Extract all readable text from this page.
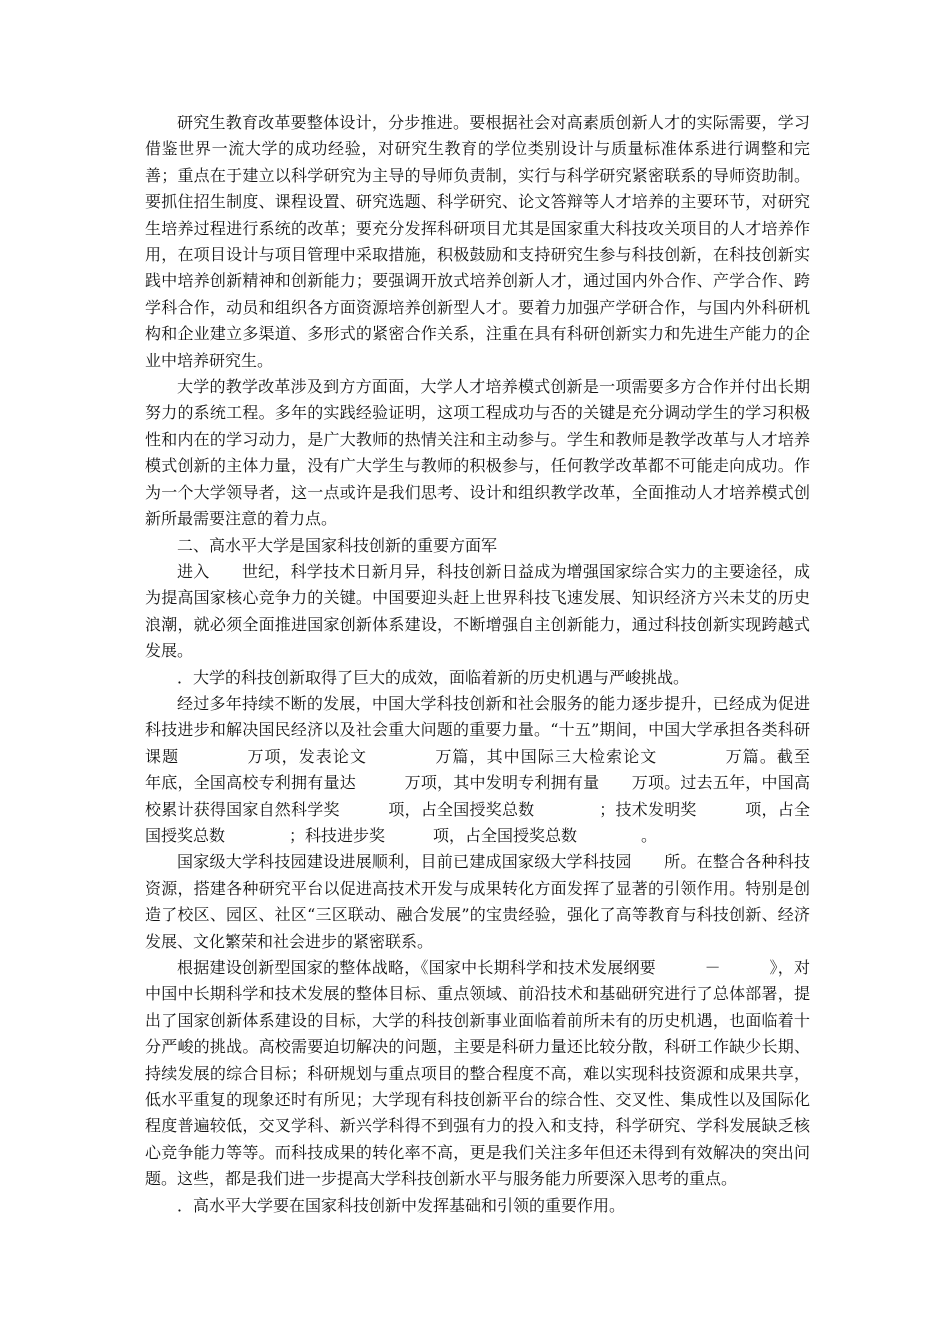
研究生教育改革要整体设计，分步推进。要根据社会对高素质创新人才的实际需要，学习借鉴世界一流大学的成功经验，对研究生教育的学位类别设计与质量标准体系进行调整和完善；重点在于建立以科学研究为主导的导师负责制，实行与科学研究紧密联系的导师资助制。要抓住招生制度、课程设置、研究选题、科学研究、论文答辩等人才培养的主要环节，对研究生培养过程进行系统的改革；要充分发挥科研项目尤其是国家重大科技攻关项目的人才培养作用，在项目设计与项目管理中采取措施，积极鼓励和支持研究生参与科技创新，在科技创新实践中培养创新精神和创新能力；要强调开放式培养创新人才，通过国内外合作、产学合作、跨学科合作，动员和组织各方面资源培养创新型人才。要着力加强产学研合作，与国内外科研机构和企业建立多渠道、多形式的紧密合作关系，注重在具有科研创新实力和先进生产能力的企业中培养研究生。

大学的教学改革涉及到方方面面，大学人才培养模式创新是一项需要多方合作并付出长期努力的系统工程。多年的实践经验证明，这项工程成功与否的关键是充分调动学生的学习积极性和内在的学习动力，是广大教师的热情关注和主动参与。学生和教师是教学改革与人才培养模式创新的主体力量，没有广大学生与教师的积极参与，任何教学改革都不可能走向成功。作为一个大学领导者，这一点或许是我们思考、设计和组织教学改革，全面推动人才培养模式创新所最需要注意的着力点。

二、高水平大学是国家科技创新的重要方面军

进入　　世纪，科学技术日新月异，科技创新日益成为增强国家综合实力的主要途径，成为提高国家核心竞争力的关键。中国要迎头赶上世界科技飞速发展、知识经济方兴未艾的历史浪潮，就必须全面推进国家创新体系建设，不断增强自主创新能力，通过科技创新实现跨越式发展。

．大学的科技创新取得了巨大的成效，面临着新的历史机遇与严峻挑战。

经过多年持续不断的发展，中国大学科技创新和社会服务的能力逐步提升，已经成为促进科技进步和解决国民经济以及社会重大问题的重要力量。“十五”期间，中国大学承担各类科研课题　　　　万项，发表论文　　　　万篇，其中国际三大检索论文　　　　万篇。截至　　　　年底，全国高校专利拥有量达　　　万项，其中发明专利拥有量　　万项。过去五年，中国高校累计获得国家自然科学奖　　　项，占全国授奖总数　　　　；技术发明奖　　　项，占全国授奖总数　　　　；科技进步奖　　　项，占全国授奖总数　　　　。

国家级大学科技园建设进展顺利，目前已建成国家级大学科技园　　所。在整合各种科技资源，搭建各种研究平台以促进高技术开发与成果转化方面发挥了显著的引领作用。特别是创造了校区、园区、社区“三区联动、融合发展”的宝贵经验，强化了高等教育与科技创新、经济发展、文化繁荣和社会进步的紧密联系。

根据建设创新型国家的整体战略，《国家中长期科学和技术发展纲要　　　－　　　》，对中国中长期科学和技术发展的整体目标、重点领域、前沿技术和基础研究进行了总体部署，提出了国家创新体系建设的目标，大学的科技创新事业面临着前所未有的历史机遇，也面临着十分严峻的挑战。高校需要迫切解决的问题，主要是科研力量还比较分散，科研工作缺少长期、持续发展的综合目标；科研规划与重点项目的整合程度不高，难以实现科技资源和成果共享，低水平重复的现象还时有所见；大学现有科技创新平台的综合性、交叉性、集成性以及国际化程度普遍较低，交叉学科、新兴学科得不到强有力的投入和支持，科学研究、学科发展缺乏核心竞争能力等等。而科技成果的转化率不高，更是我们关注多年但还未得到有效解决的突出问题。这些，都是我们进一步提高大学科技创新水平与服务能力所要深入思考的重点。

．高水平大学要在国家科技创新中发挥基础和引领的重要作用。
